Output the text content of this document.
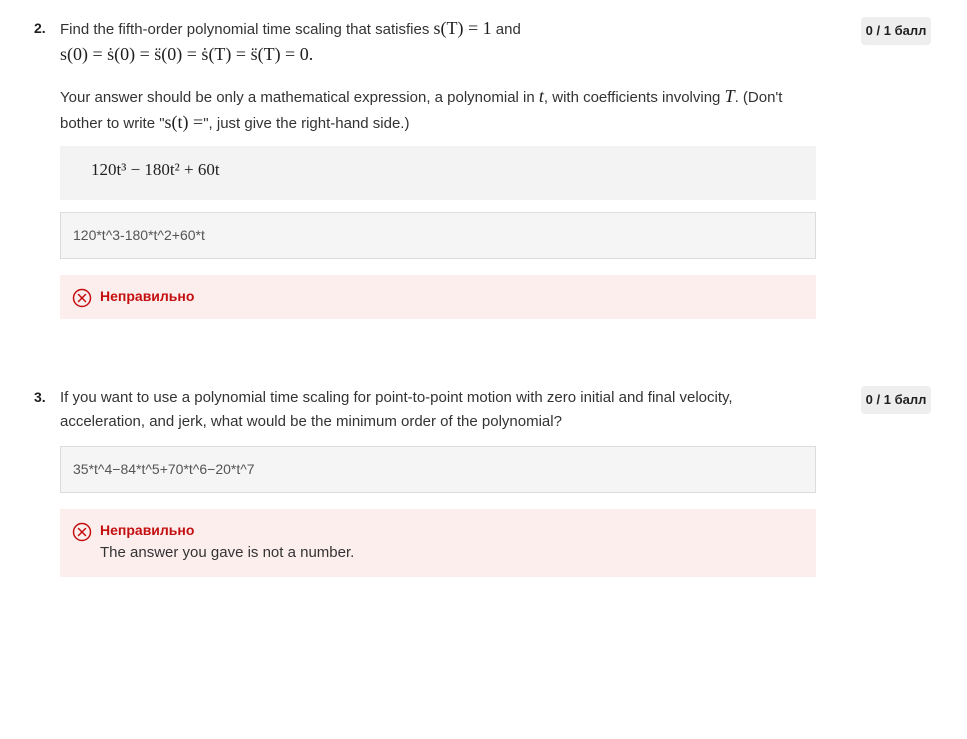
2.	0 / 1 балл
Find the fifth-order polynomial time scaling that satisfies s(T) = 1 and
s(0) = ṡ(0) = s̈(0) = ṡ(T) = s̈(T) = 0.
Your answer should be only a mathematical expression, a polynomial in t, with coefficients involving T. (Don't
bother to write "s(t) =", just give the right-hand side.)
120t³ − 180t² + 60t
120*t^3-180*t^2+60*t
Неправильно
3.	0 / 1 балл
If you want to use a polynomial time scaling for point-to-point motion with zero initial and final velocity, acceleration, and jerk, what would be the minimum order of the polynomial?
35*t^4−84*t^5+70*t^6−20*t^7
Неправильно
The answer you gave is not a number.
